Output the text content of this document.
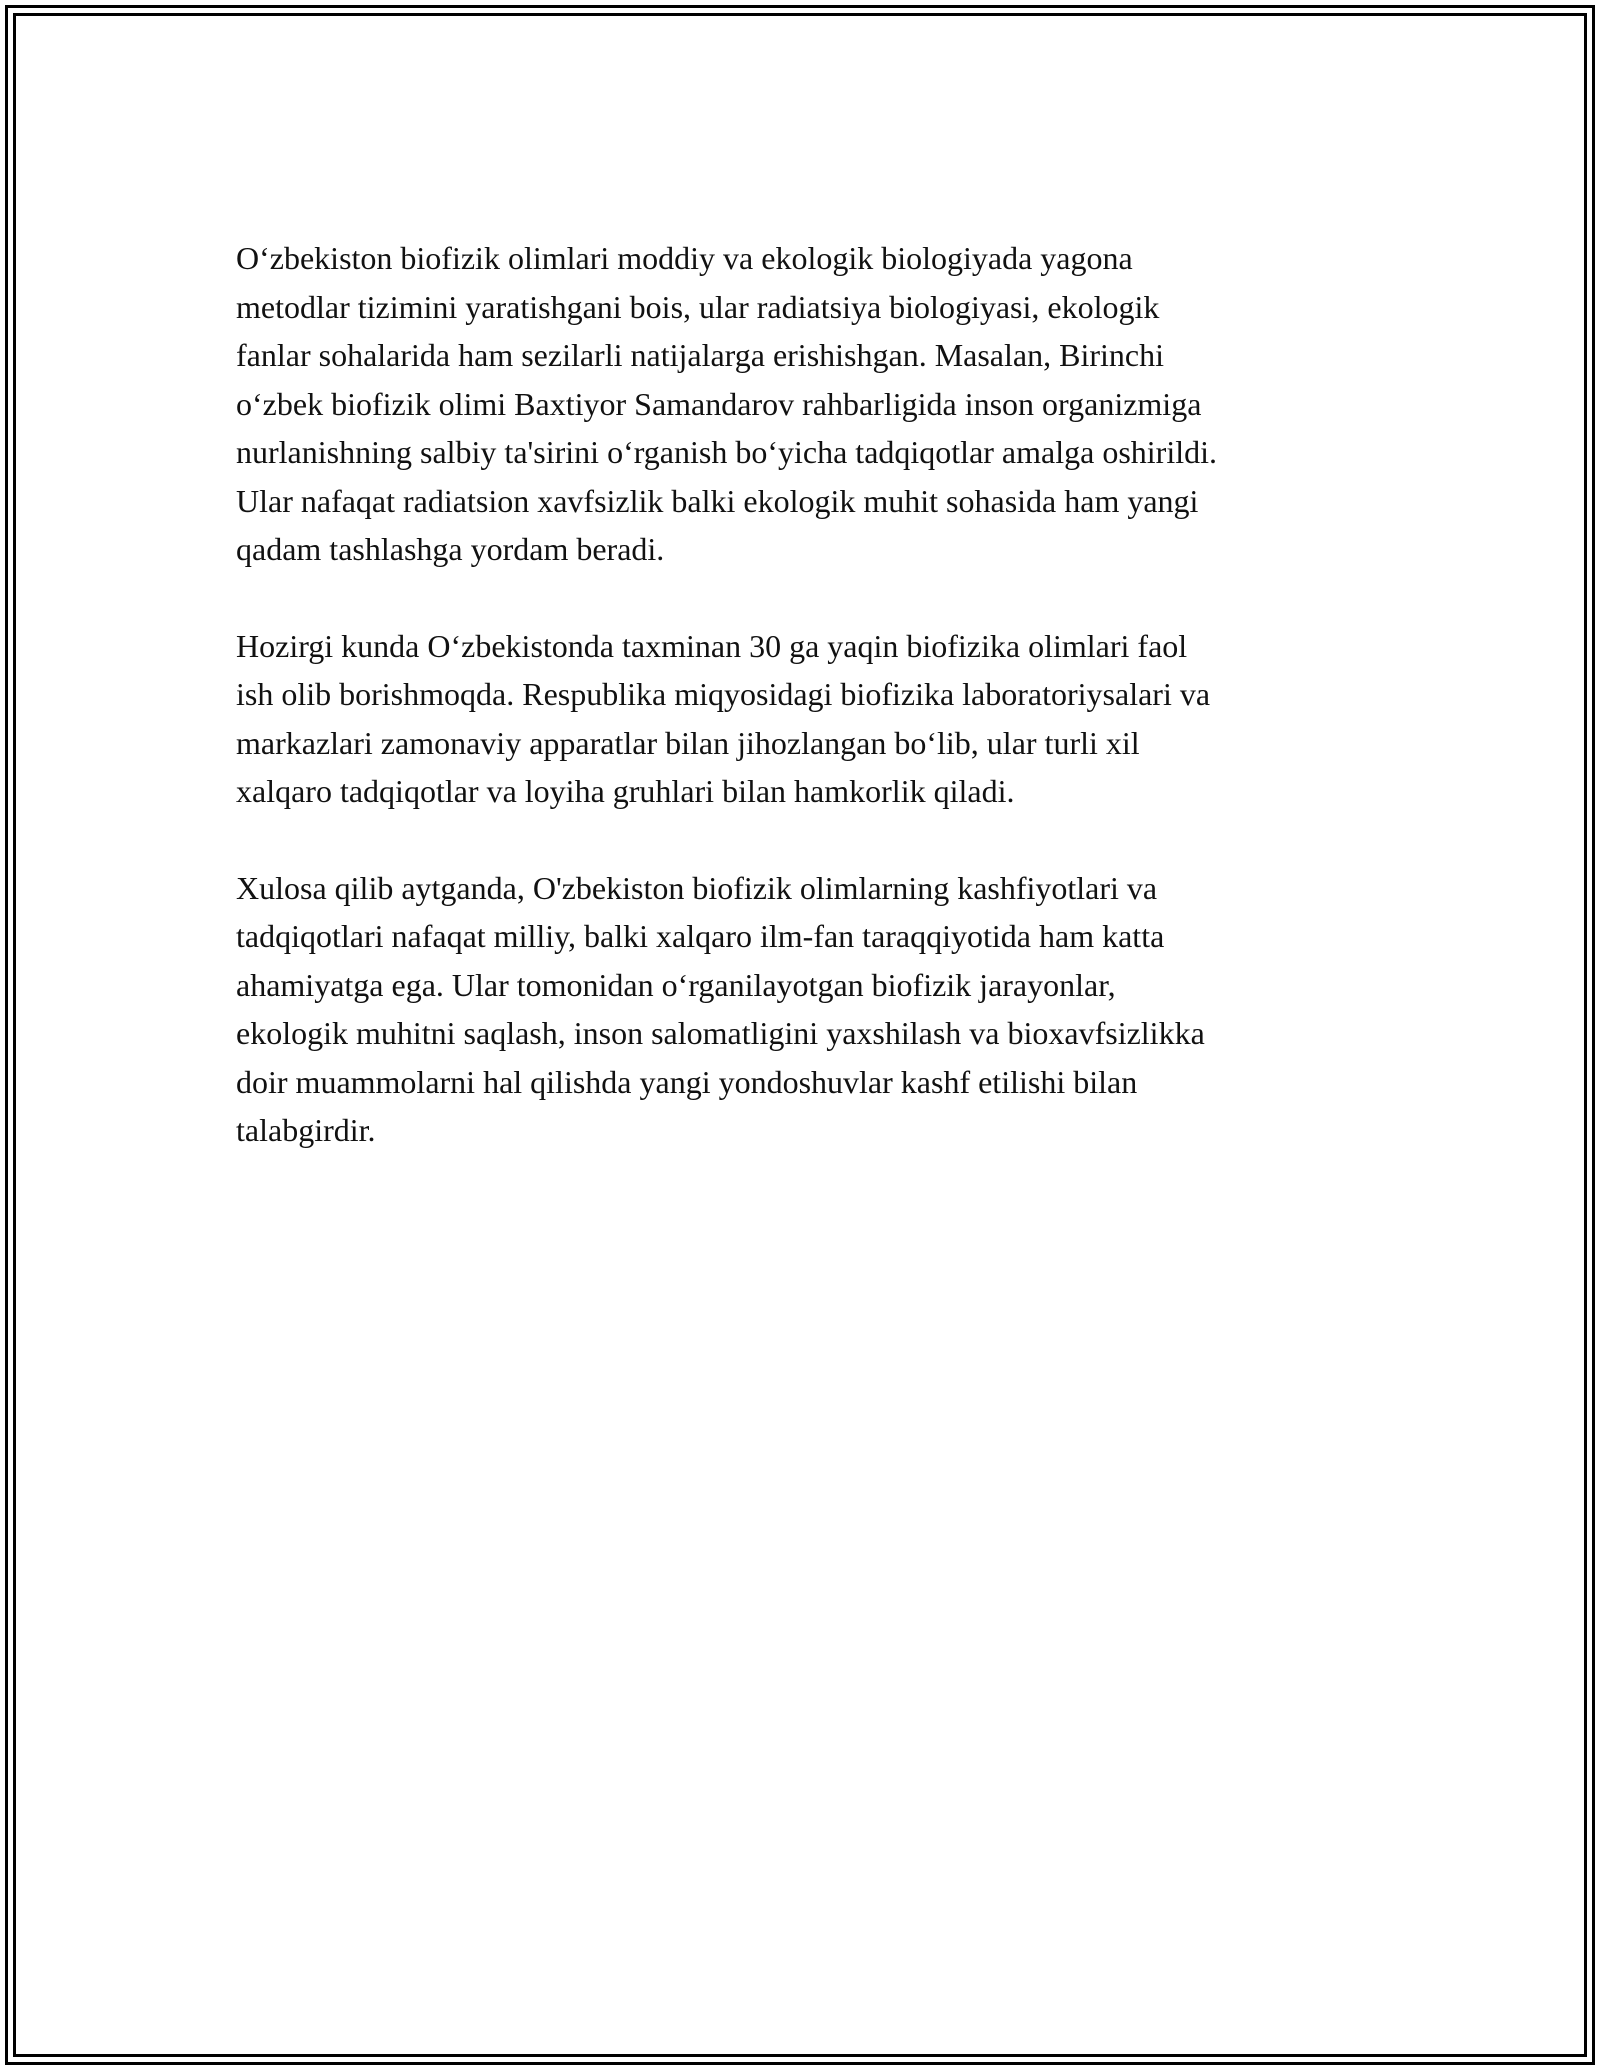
O‘zbekiston biofizik olimlari moddiy va ekologik biologiyada yagona
metodlar tizimini yaratishgani bois, ular radiatsiya biologiyasi, ekologik
fanlar sohalarida ham sezilarli natijalarga erishishgan. Masalan, Birinchi
o‘zbek biofizik olimi Baxtiyor Samandarov rahbarligida inson organizmiga
nurlanishning salbiy ta'sirini o‘rganish bo‘yicha tadqiqotlar amalga oshirildi.
Ular nafaqat radiatsion xavfsizlik balki ekologik muhit sohasida ham yangi
qadam tashlashga yordam beradi.

Hozirgi kunda O‘zbekistonda taxminan 30 ga yaqin biofizika olimlari faol
ish olib borishmoqda. Respublika miqyosidagi biofizika laboratoriysalari va
markazlari zamonaviy apparatlar bilan jihozlangan bo‘lib, ular turli xil
xalqaro tadqiqotlar va loyiha gruhlari bilan hamkorlik qiladi.

Xulosa qilib aytganda, O'zbekiston biofizik olimlarning kashfiyotlari va
tadqiqotlari nafaqat milliy, balki xalqaro ilm-fan taraqqiyotida ham katta
ahamiyatga ega. Ular tomonidan o‘rganilayotgan biofizik jarayonlar,
ekologik muhitni saqlash, inson salomatligini yaxshilash va bioxavfsizlikka
doir muammolarni hal qilishda yangi yondoshuvlar kashf etilishi bilan
talabgirdir.
